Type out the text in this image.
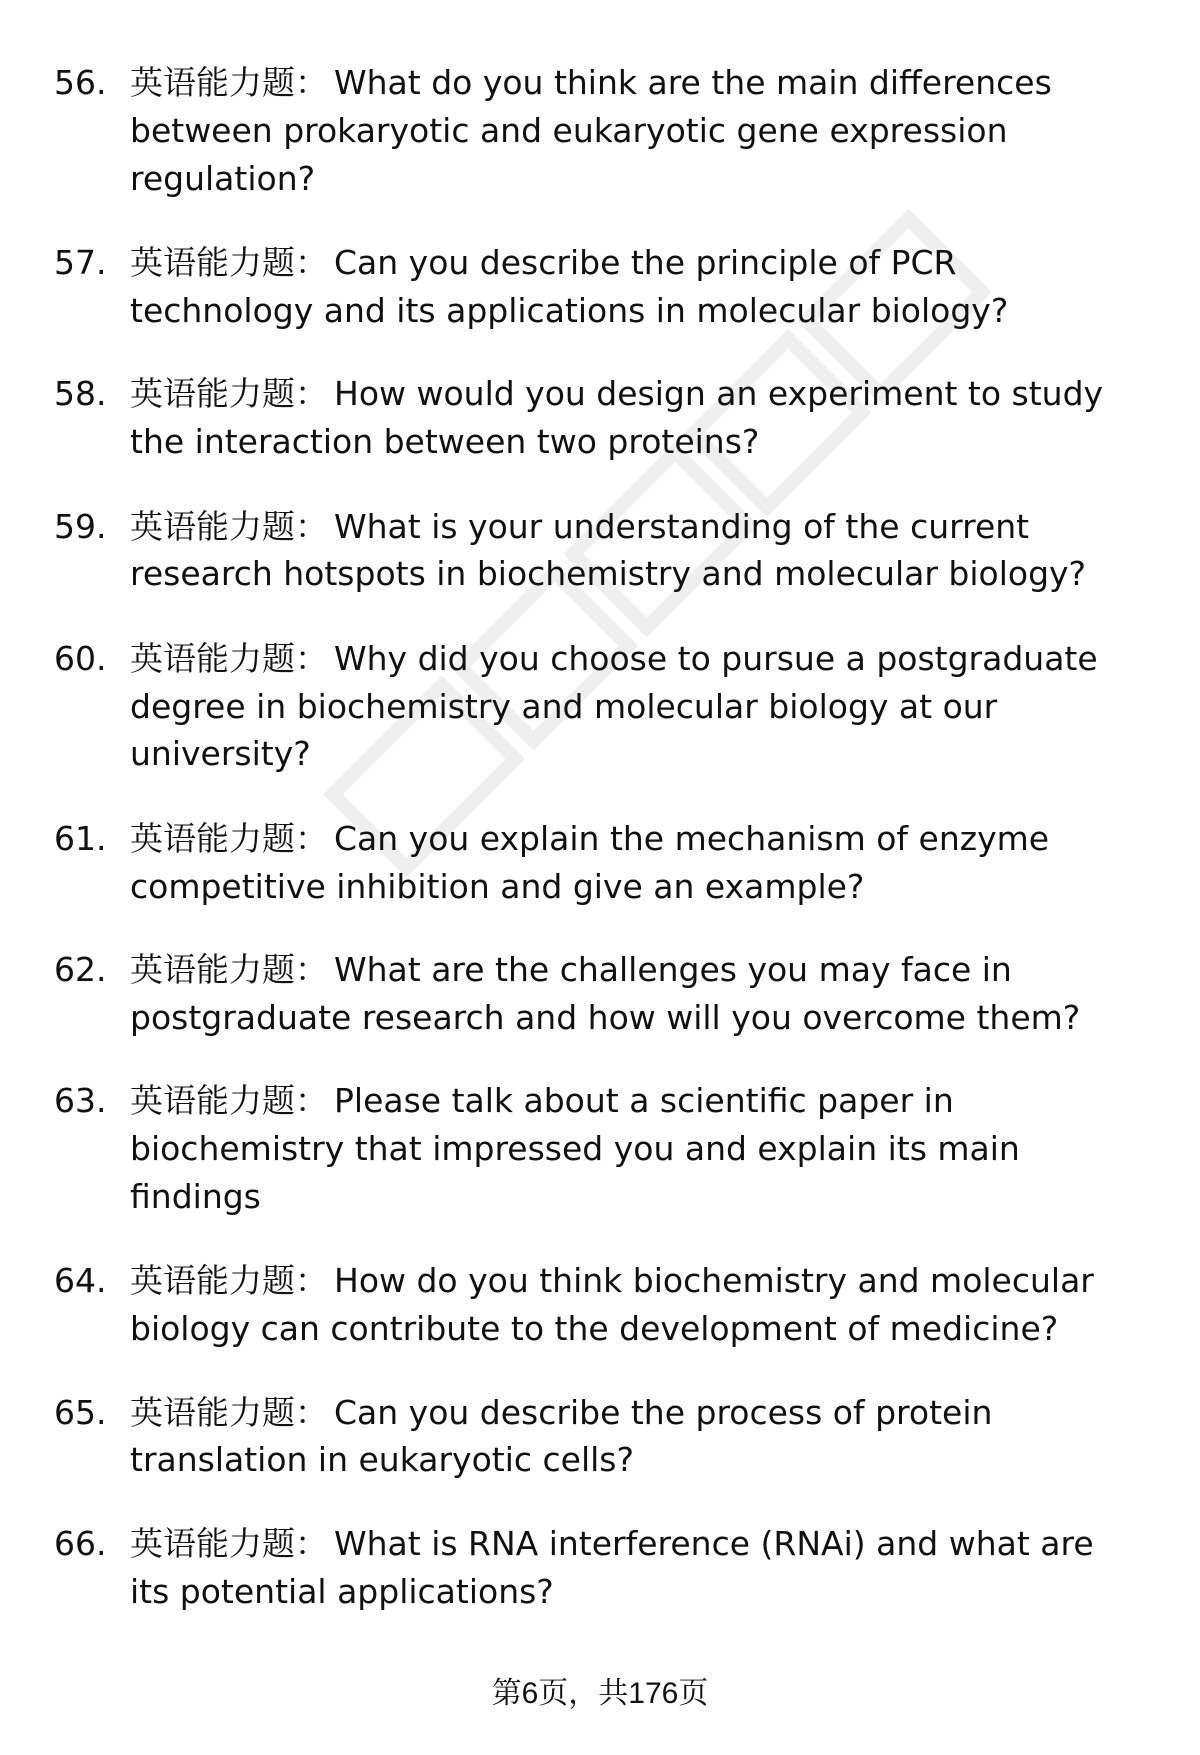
56. 英语能力题： What do you think are the main differences
between prokaryotic and eukaryotic gene expression
regulation?
57. 英语能力题： Can you describe the principle of PCR
technology and its applications in molecular biology?
58. 英语能力题： How would you design an experiment to study
the interaction between two proteins?
59. 英语能力题： What is your understanding of the current
research hotspots in biochemistry and molecular biology?
60. 英语能力题： Why did you choose to pursue a postgraduate
degree in biochemistry and molecular biology at our
university?
61. 英语能力题： Can you explain the mechanism of enzyme
competitive inhibition and give an example?
62. 英语能力题： What are the challenges you may face in
postgraduate research and how will you overcome them?
63. 英语能力题： Please talk about a scientific paper in
biochemistry that impressed you and explain its main
findings
64. 英语能力题： How do you think biochemistry and molecular
biology can contribute to the development of medicine?
65. 英语能力题： Can you describe the process of protein
translation in eukaryotic cells?
66. 英语能力题： What is RNA interference (RNAi) and what are
its potential applications?
第6页，共176页
